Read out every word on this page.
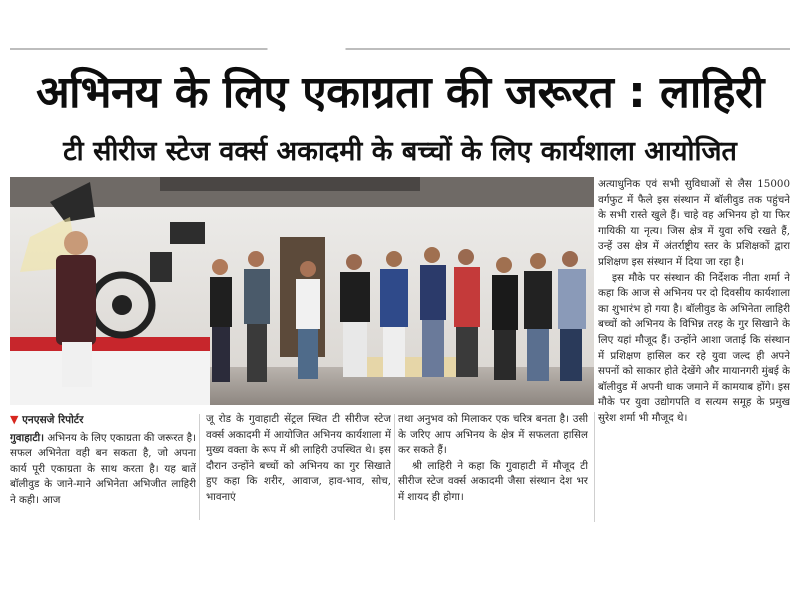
अभिनय के लिए एकाग्रता की जरूरत : लाहिरी
टी सीरीज स्टेज वर्क्स अकादमी के बच्चों के लिए कार्यशाला आयोजित

अत्याधुनिक एवं सभी सुविधाओं से लैस 15000 वर्गफुट में फैले इस संस्थान में बॉलीवुड तक पहुंचने के सभी रास्ते खुले हैं। चाहे वह अभिनय हो या फिर गायिकी या नृत्य। जिस क्षेत्र में युवा रुचि रखते हैं, उन्हें उस क्षेत्र में अंतर्राष्ट्रीय स्तर के प्रशिक्षकों द्वारा प्रशिक्षण इस संस्थान में दिया जा रहा है।

इस मौके पर संस्थान की निर्देशक नीता शर्मा ने कहा कि आज से अभिनय पर दो दिवसीय कार्यशाला का शुभारंभ हो गया है। बॉलीवुड के अभिनेता लाहिरी बच्चों को अभिनय के विभिन्न तरह के गुर सिखाने के लिए यहां मौजूद हैं। उन्होंने आशा जताई कि संस्थान में प्रशिक्षण हासिल कर रहे युवा जल्द ही अपने सपनों को साकार होते देखेंगे और मायानगरी मुंबई के बॉलीवुड में अपनी धाक जमाने में कामयाब होंगे। इस मौके पर युवा उद्योगपति व सत्यम समूह के प्रमुख सुरेश शर्मा भी मौजूद थे।

▼ एनएसजे रिपोर्टर
गुवाहाटी। अभिनय के लिए एकाग्रता की जरूरत है। सफल अभिनेता वही बन सकता है, जो अपना कार्य पूरी एकाग्रता के साथ करता है। यह बातें बॉलीवुड के जाने-माने अभिनेता अभिजीत लाहिरी ने कही। आज
जू रोड के गुवाहाटी सेंट्रल स्थित टी सीरीज स्टेज वर्क्स अकादमी में आयोजित अभिनय कार्यशाला में मुख्य वक्ता के रूप में श्री लाहिरी उपस्थित थे। इस दौरान उन्होंने बच्चों को अभिनय का गुर सिखाते हुए कहा कि शरीर, आवाज, हाव-भाव, सोच, भावनाएं

तथा अनुभव को मिलाकर एक चरित्र बनता है। उसी के जरिए आप अभिनय के क्षेत्र में सफलता हासिल कर सकते हैं।

श्री लाहिरी ने कहा कि गुवाहाटी में मौजूद टी सीरीज स्टेज वर्क्स अकादमी जैसा संस्थान देश भर में शायद ही होगा।
